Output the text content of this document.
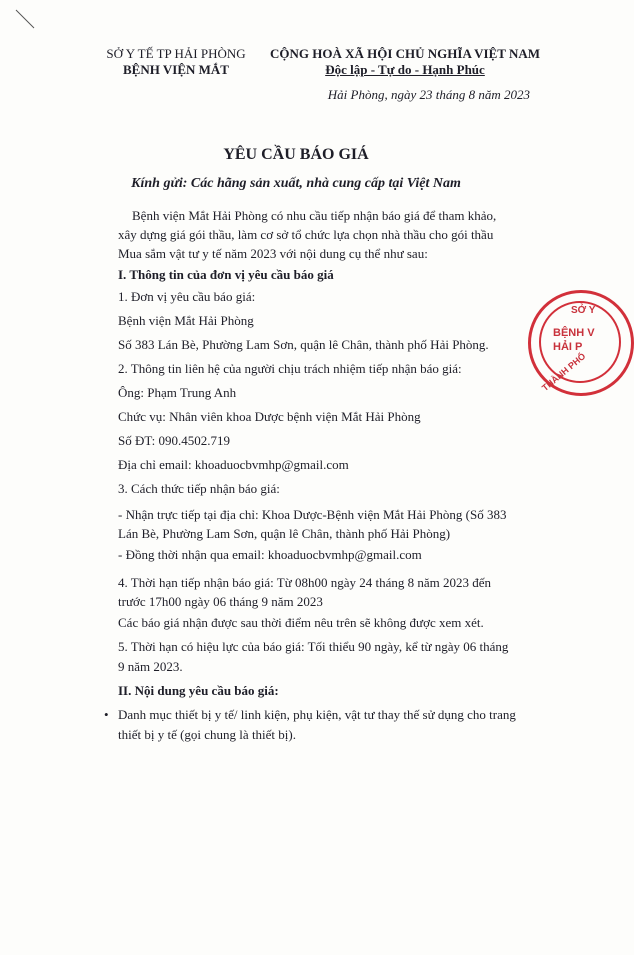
SỞ Y TẾ TP HẢI PHÒNG
BỆNH VIỆN MẮT
CỘNG HOÀ XÃ HỘI CHỦ NGHĨA VIỆT NAM
Độc lập - Tự do - Hạnh Phúc
Hải Phòng, ngày 23 tháng 8 năm 2023
YÊU CẦU BÁO GIÁ
Kính gửi: Các hãng sản xuất, nhà cung cấp tại Việt Nam

Bệnh viện Mắt Hải Phòng có nhu cầu tiếp nhận báo giá để tham khảo, xây dựng giá gói thầu, làm cơ sở tổ chức lựa chọn nhà thầu cho gói thầu Mua sắm vật tư y tế năm 2023 với nội dung cụ thể như sau:

I. Thông tin của đơn vị yêu cầu báo giá

1. Đơn vị yêu cầu báo giá:

Bệnh viện Mắt Hải Phòng

Số 383 Lán Bè, Phường Lam Sơn, quận lê Chân, thành phố Hải Phòng.

2. Thông tin liên hệ của người chịu trách nhiệm tiếp nhận báo giá:

Ông: Phạm Trung Anh

Chức vụ: Nhân viên khoa Dược bệnh viện Mắt Hải Phòng

Số ĐT: 090.4502.719

Địa chỉ email: khoaduocbvmhp@gmail.com

3. Cách thức tiếp nhận báo giá:

- Nhận trực tiếp tại địa chỉ: Khoa Dược-Bệnh viện Mắt Hải Phòng (Số 383 Lán Bè, Phường Lam Sơn, quận lê Chân, thành phố Hải Phòng)

- Đồng thời nhận qua email: khoaduocbvmhp@gmail.com

4. Thời hạn tiếp nhận báo giá: Từ 08h00 ngày 24 tháng 8 năm 2023 đến trước 17h00 ngày 06 tháng 9 năm 2023

Các báo giá nhận được sau thời điểm nêu trên sẽ không được xem xét.

5. Thời hạn có hiệu lực của báo giá: Tối thiểu 90 ngày, kể từ ngày 06 tháng 9 năm 2023.

II. Nội dung yêu cầu báo giá:

• Danh mục thiết bị y tế/ linh kiện, phụ kiện, vật tư thay thế sử dụng cho trang thiết bị y tế (gọi chung là thiết bị).
SỞ Y
BỆNH V
HẢI P
THÀNH PHỐ
